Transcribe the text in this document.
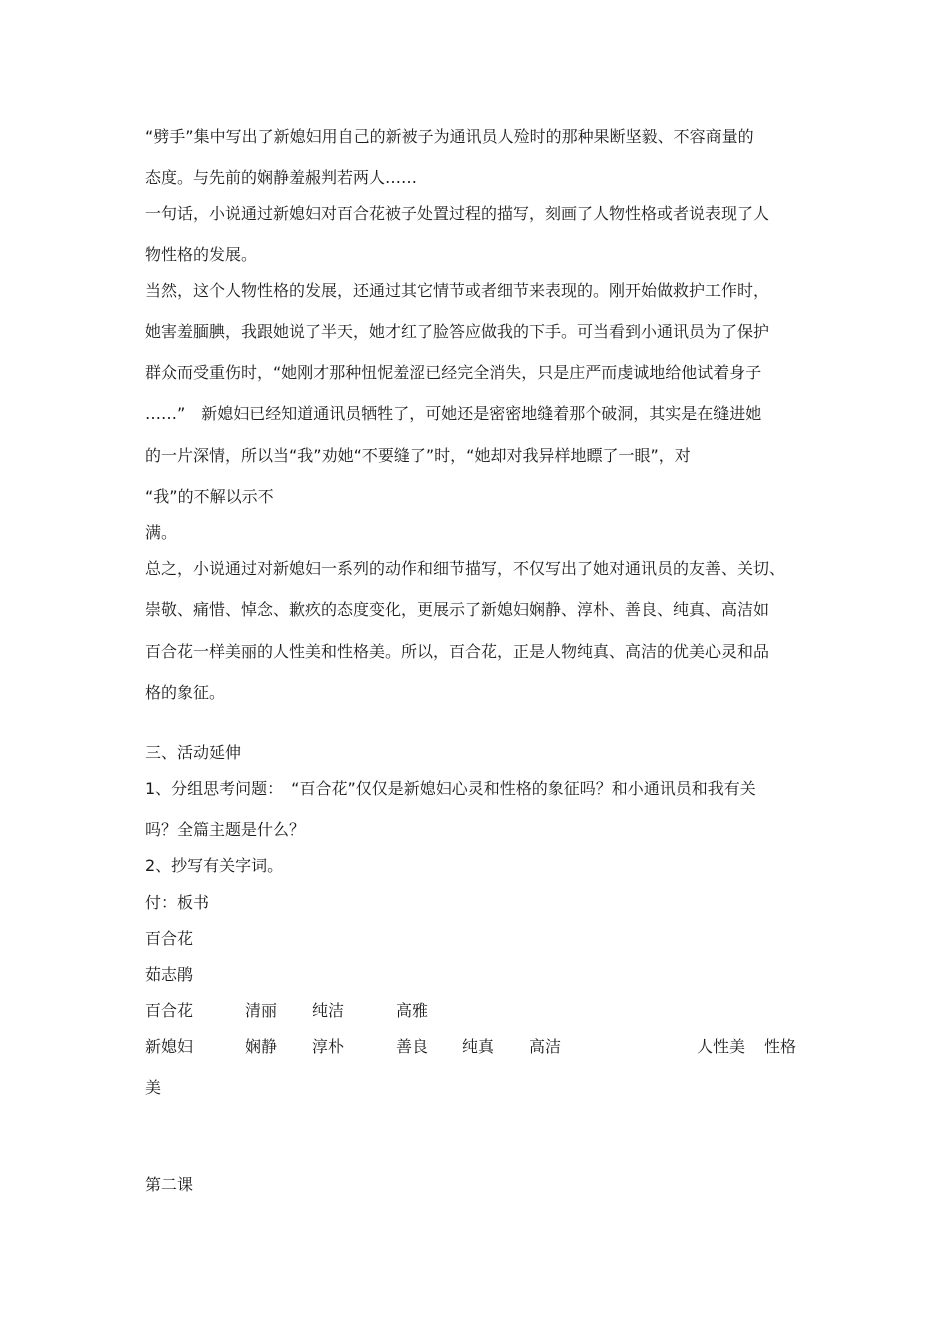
“劈手”集中写出了新媳妇用自己的新被子为通讯员人殓时的那种果断坚毅、不容商量的
态度。与先前的娴静羞赧判若两人……
一句话，小说通过新媳妇对百合花被子处置过程的描写，刻画了人物性格或者说表现了人
物性格的发展。
当然，这个人物性格的发展，还通过其它情节或者细节来表现的。刚开始做救护工作时，
她害羞腼腆，我跟她说了半天，她才红了脸答应做我的下手。可当看到小通讯员为了保护
群众而受重伤时，“她刚才那种忸怩羞涩已经完全消失，只是庄严而虔诚地给他试着身子
……”　新媳妇已经知道通讯员牺牲了，可她还是密密地缝着那个破洞，其实是在缝进她
的一片深情，所以当“我”劝她“不要缝了”时，“她却对我异样地瞟了一眼”，对
“我”的不解以示不
满。
总之，小说通过对新媳妇一系列的动作和细节描写，不仅写出了她对通讯员的友善、关切、
崇敬、痛惜、悼念、歉疚的态度变化，更展示了新媳妇娴静、淳朴、善良、纯真、高洁如
百合花一样美丽的人性美和性格美。所以，百合花，正是人物纯真、高洁的优美心灵和品
格的象征。
三、活动延伸
1、分组思考问题：　“百合花”仅仅是新媳妇心灵和性格的象征吗？和小通讯员和我有关
吗？全篇主题是什么？
2、抄写有关字词。
付：板书
百合花
茹志鹃
百合花	清丽 纯洁	高雅
新媳妇	娴静 淳朴	善良 纯真 高洁	人性美 性格
美
第二课
